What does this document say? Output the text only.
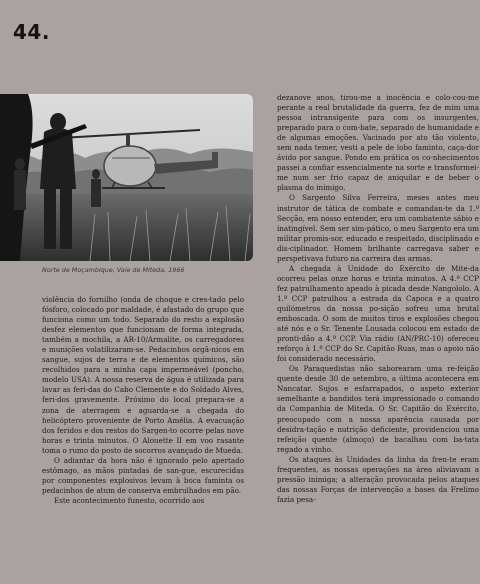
44.
Norte de Moçambique, Vale de Miteda, 1966

violência do fornilho (onda de choque e cres-tado pelo fósforo, colocado por maldade, é afastado do grupo que funciona como um todo. Separado do resto a explosão desfez elementos que funcionam de forma integrada, também a mochila, a AR-10/Armalite, os carregadores e munições volatilizaram-se. Pedacinhos orgâ-nicos em sangue, sujos de terra e de elementos químicos, são recolhidos para a minha capa impermeável (poncho, modelo USA). A nossa reserva de água é utilizada para lavar as feri-das do Cabo Clemente e do Soldado Alves, feri-dos gravemente. Próximo do local prepara-se a zona de aterragem e aguarda-se a chegada do helicóptero proveniente de Porto Amélia. A evacuação dos feridos e dos restos do Sargen-to ocorre pelas nove horas e trinta minutos. O Alouette II em voo rasante toma o rumo do posto de socorros avançado de Mueda.

O adiantar da hora não é ignorado pelo apertado estômago, as mãos pintadas de san-gue, escurecidas por componentes explosivos levam à boca faminta os pedacinhos de atum de conserva embrulhados em pão.

Este acontecimento funesto, ocorrido aos

dezanove anos, tirou-me a inocência e colo-cou-me perante a real brutalidade da guerra, fez de mim uma pessoa intransigente para com os insurgentes, preparado para o com-bate, separado de humanidade e de algumas emoções. Vacinado por ato tão violento, sem nada temer, vesti a pele de lobo faminto, caça-dor ávido por sangue. Pondo em prática os co-nhecimentos passei a confiar essencialmente na sorte e transformei-me num ser frio capaz de aniquilar e de beber o plasma do inimigo.

O Sargento Silva Ferreira, meses antes meu instrutor de tática de combate e comandan-te da 1.ª Secção, em nosso entender, era um combatente sábio e inatingível. Sem ser sim-pático, o meu Sargento era um militar promis-sor, educado e respeitado, disciplinado e dis-ciplinador. Homem brilhante carregava saber e perspetivava futuro na carreira das armas.

A chegada à Unidade do Exército de Mite-da ocorreu pelas onze horas e trinta minutos. A 4.ª CCP fez patrulhamento apeado à picada desde Nangololo. A 1.ª CCP patrulhou a estrada da Capoca e a quatro quilómetros da nossa po-sição sofreu uma brutal emboscada. O som de muitos tiros e explosões chegou até nós e o Sr. Tenente Lousada colocou em estado de pronti-dão a 4.ª CCP. Via rádio (AN/PRC-10) ofereceu reforço à 1.ª CCP do Sr. Capitão Ruas, mas o apoio não foi considerado necessário.

Os Paraquedistas não saborearam uma re-feição quente desde 30 de setembro, a última acontecera em Nancatar. Sujos e esfarrapados, o aspeto exterior semelhante a bandidos terá impressionado o comando da Companhia de Miteda. O Sr. Capitão do Exército, preocupado com a nossa aparência causada por desidra-tação e nutrição deficiente, providenciou uma refeição quente (almoço) de bacalhau com ba-tata regado a vinho.

Os ataques às Unidades da linha da fren-te eram frequentes, as nossas operações na área aliviavam a pressão inimiga; a alteração provocada pelos ataques das nossas Forças de intervenção a bases da Frelimo fazia pesa-
